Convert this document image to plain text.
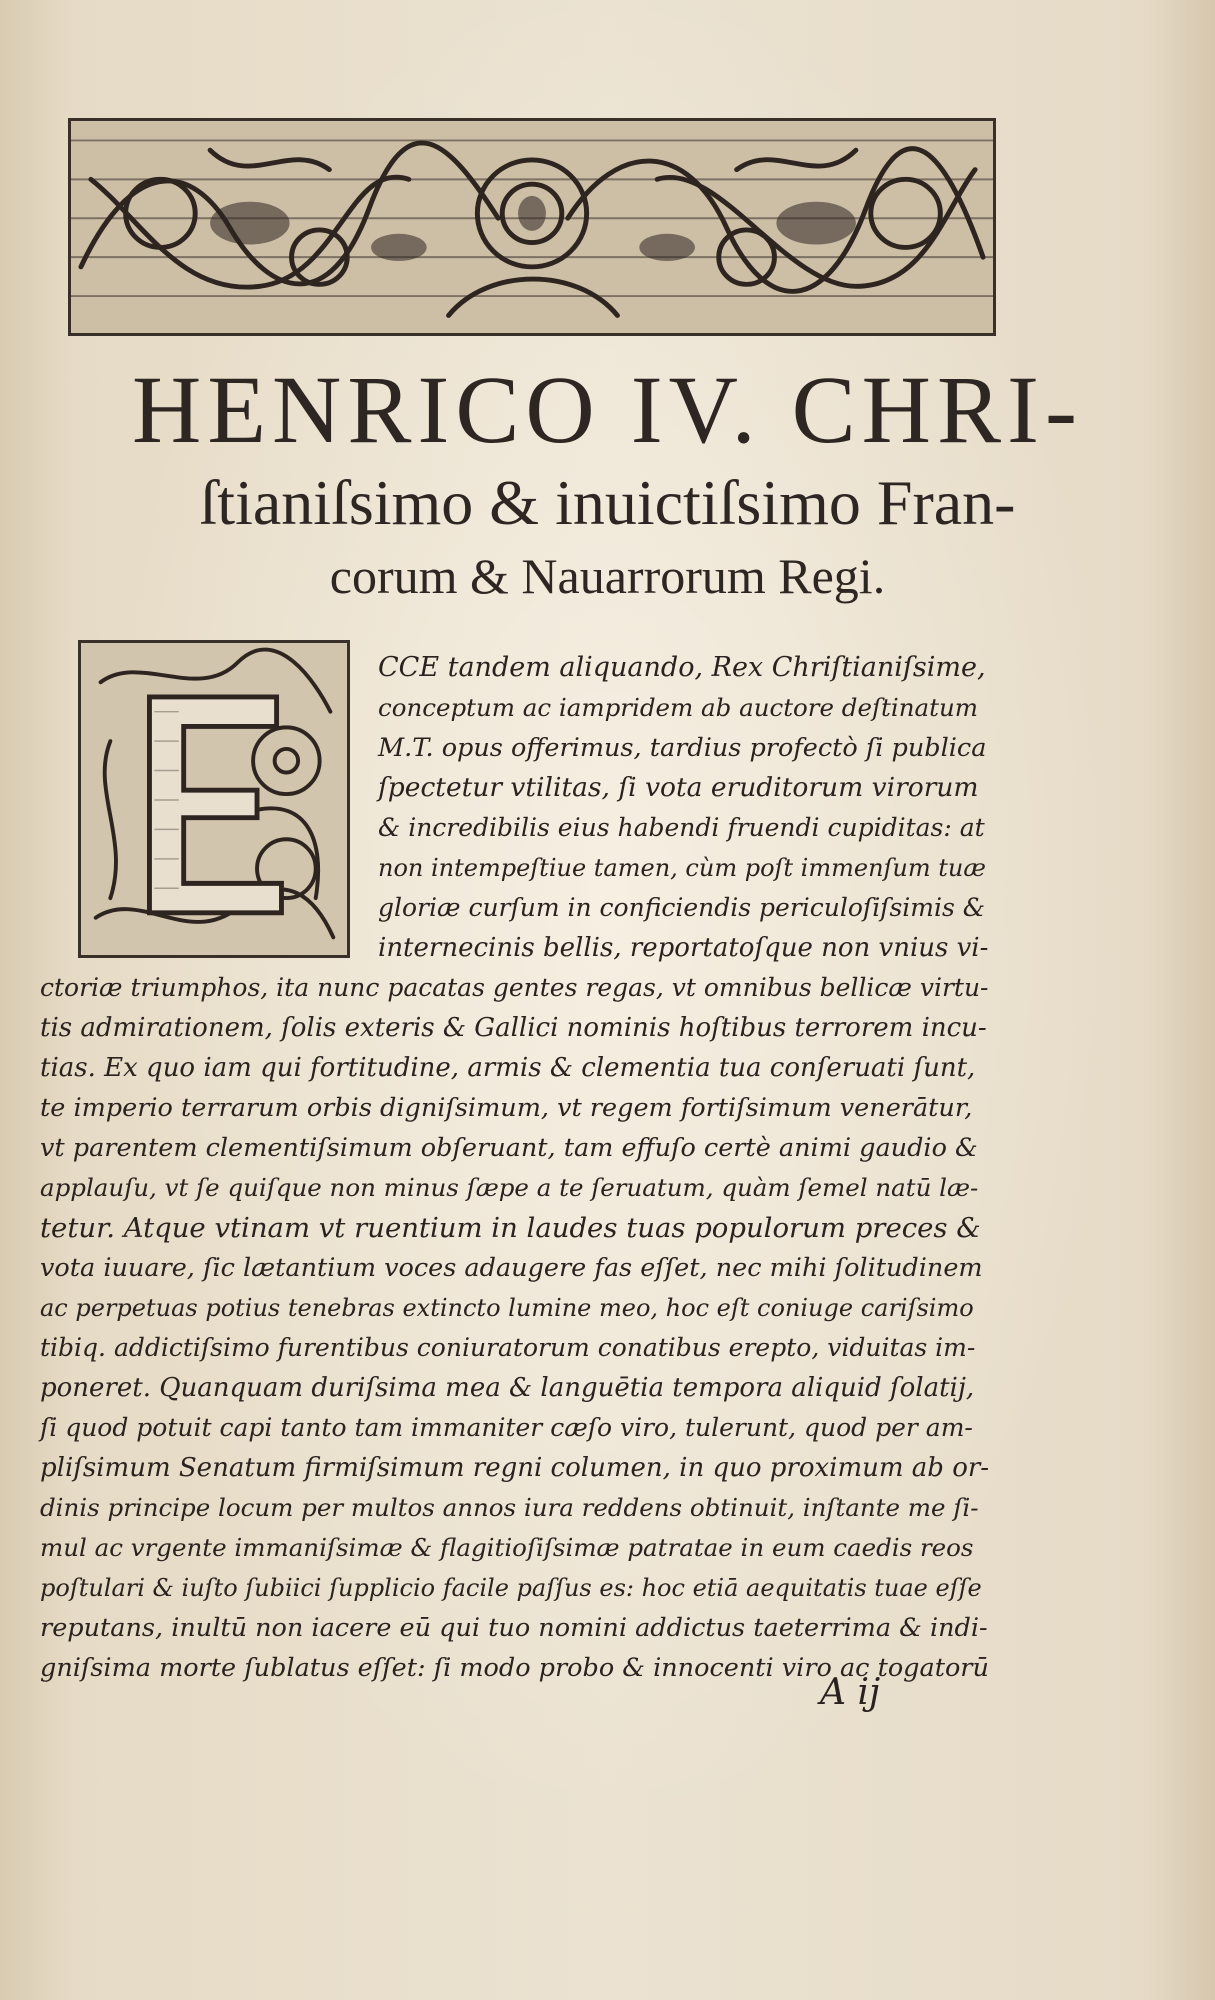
HENRICO IV. CHRI-
ſtianiſsimo & inuictiſsimo Fran-
corum & Nauarrorum Regi.
CCE tandem aliquando, Rex Chriſtianiſsime,
conceptum ac iampridem ab auctore deſtinatum
M.T. opus offerimus, tardius profectò ſi publica
ſpectetur vtilitas, ſi vota eruditorum virorum
& incredibilis eius habendi fruendi cupiditas: at
non intempeſtiue tamen, cùm poſt immenſum tuæ
gloriæ curſum in conficiendis periculoſiſsimis &
internecinis bellis, reportatoſque non vnius vi-
ctoriæ triumphos, ita nunc pacatas gentes regas, vt omnibus bellicæ virtu-
tis admirationem, ſolis exteris & Gallici nominis hoſtibus terrorem incu-
tias. Ex quo iam qui fortitudine, armis & clementia tua conſeruati ſunt,
te imperio terrarum orbis digniſsimum, vt regem fortiſsimum venerātur,
vt parentem clementiſsimum obſeruant, tam effuſo certè animi gaudio &
applauſu, vt ſe quiſque non minus ſæpe a te ſeruatum, quàm ſemel natū læ-
tetur. Atque vtinam vt ruentium in laudes tuas populorum preces &
vota iuuare, ſic lætantium voces adaugere fas eſſet, nec mihi ſolitudinem
ac perpetuas potius tenebras extincto lumine meo, hoc eſt coniuge cariſsimo
tibiq. addictiſsimo furentibus coniuratorum conatibus erepto, viduitas im-
poneret. Quanquam duriſsima mea & languētia tempora aliquid ſolatij,
ſi quod potuit capi tanto tam immaniter cæſo viro, tulerunt, quod per am-
pliſsimum Senatum firmiſsimum regni columen, in quo proximum ab or-
dinis principe locum per multos annos iura reddens obtinuit, inſtante me ſi-
mul ac vrgente immaniſsimæ & flagitioſiſsimæ patratae in eum caedis reos
poſtulari & iuſto ſubiici ſupplicio facile paſſus es: hoc etiā aequitatis tuae eſſe
reputans, inultū non iacere eū qui tuo nomini addictus taeterrima & indi-
gniſsima morte ſublatus eſſet: ſi modo probo & innocenti viro ac togatorū
A ij
